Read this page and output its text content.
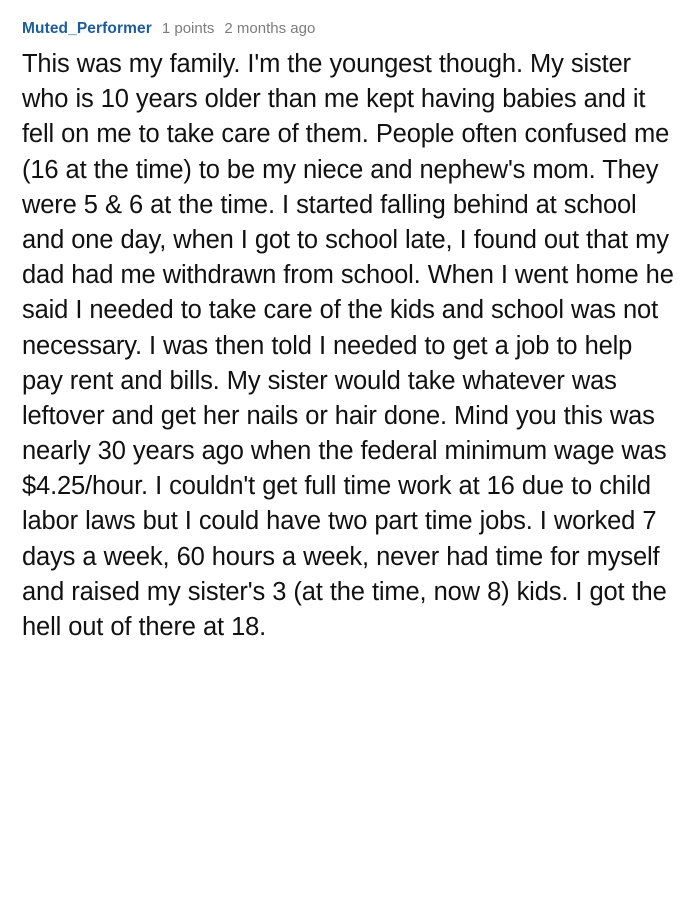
Muted_Performer 1 points 2 months ago
This was my family. I'm the youngest though. My sister who is 10 years older than me kept having babies and it fell on me to take care of them. People often confused me (16 at the time) to be my niece and nephew's mom. They were 5 & 6 at the time. I started falling behind at school and one day, when I got to school late, I found out that my dad had me withdrawn from school. When I went home he said I needed to take care of the kids and school was not necessary. I was then told I needed to get a job to help pay rent and bills. My sister would take whatever was leftover and get her nails or hair done. Mind you this was nearly 30 years ago when the federal minimum wage was $4.25/hour. I couldn't get full time work at 16 due to child labor laws but I could have two part time jobs. I worked 7 days a week, 60 hours a week, never had time for myself and raised my sister's 3 (at the time, now 8) kids. I got the hell out of there at 18.
